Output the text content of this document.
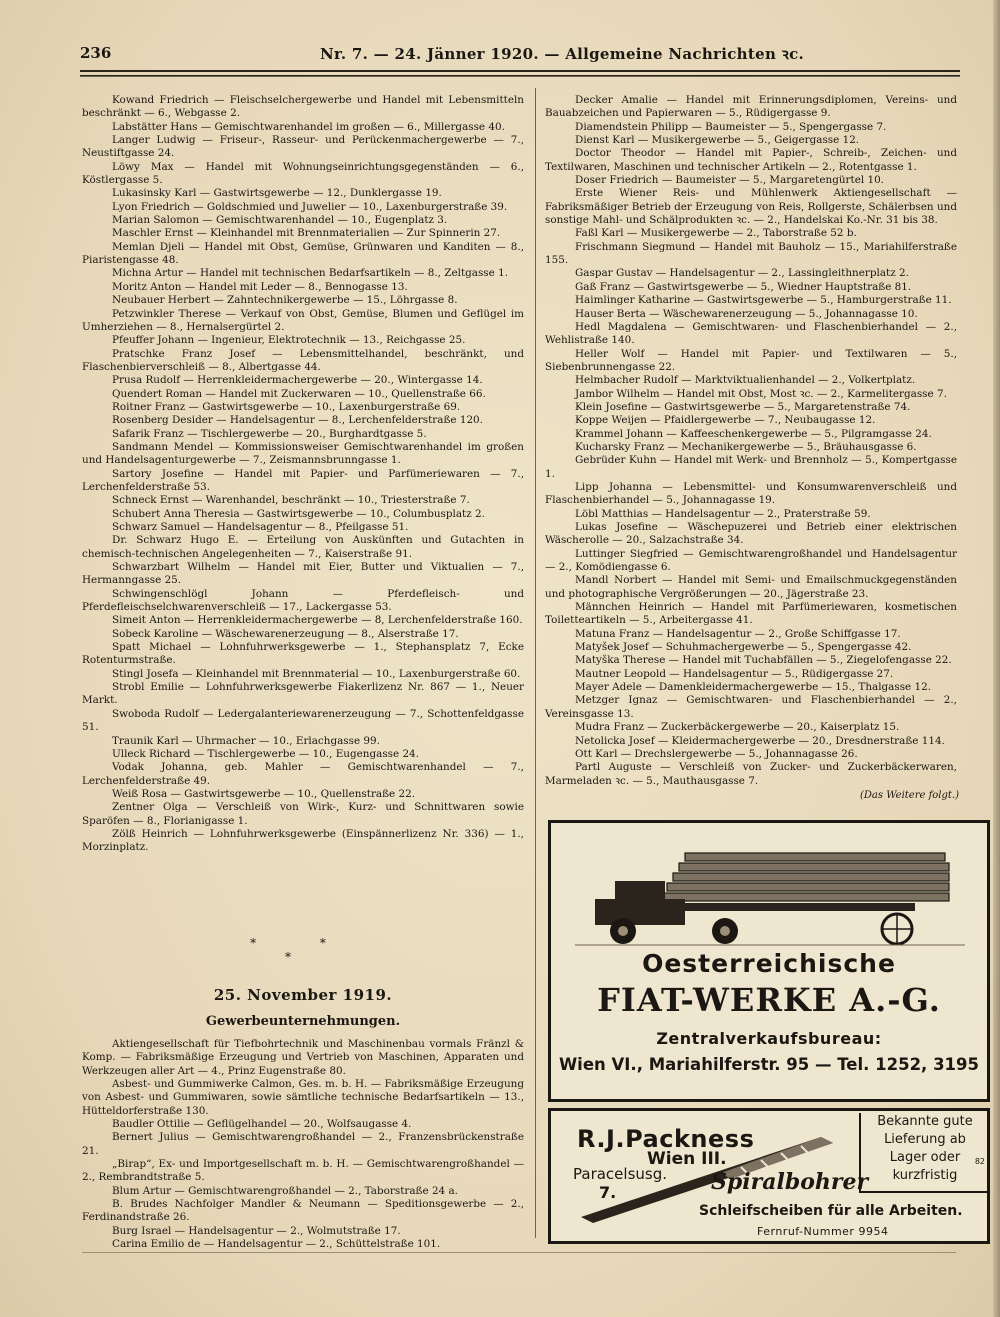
236	Nr. 7. — 24. Jänner 1920. — Allgemeine Nachrichten ꝛc.

Kowand Friedrich — Fleischselchergewerbe und Handel mit Lebensmitteln beschränkt — 6., Webgasse 2.

Labstätter Hans — Gemischtwarenhandel im großen — 6., Millergasse 40.

Langer Ludwig — Friseur-, Rasseur- und Perückenmachergewerbe — 7., Neustiftgasse 24.

Löwy Max — Handel mit Wohnungseinrichtungsgegenständen — 6., Köstlergasse 5.

Lukasinsky Karl — Gastwirtsgewerbe — 12., Dunklergasse 19.

Lyon Friedrich — Goldschmied und Juwelier — 10., Laxenburgerstraße 39.

Marian Salomon — Gemischtwarenhandel — 10., Eugenplatz 3.

Maschler Ernst — Kleinhandel mit Brennmaterialien — Zur Spinnerin 27.

Memlan Djeli — Handel mit Obst, Gemüse, Grünwaren und Kanditen — 8., Piaristengasse 48.

Michna Artur — Handel mit technischen Bedarfsartikeln — 8., Zeltgasse 1.

Moritz Anton — Handel mit Leder — 8., Bennogasse 13.

Neubauer Herbert — Zahntechnikergewerbe — 15., Löhrgasse 8.

Petzwinkler Therese — Verkauf von Obst, Gemüse, Blumen und Geflügel im Umherziehen — 8., Hernalsergürtel 2.

Pfeuffer Johann — Ingenieur, Elektrotechnik — 13., Reichgasse 25.

Pratschke Franz Josef — Lebensmittelhandel, beschränkt, und Flaschenbierverschleiß — 8., Albertgasse 44.

Prusa Rudolf — Herrenkleidermachergewerbe — 20., Wintergasse 14.

Quendert Roman — Handel mit Zuckerwaren — 10., Quellenstraße 66.

Roitner Franz — Gastwirtsgewerbe — 10., Laxenburgerstraße 69.

Rosenberg Desider — Handelsagentur — 8., Lerchenfelderstraße 120.

Safarik Franz — Tischlergewerbe — 20., Burghardtgasse 5.

Sandmann Mendel — Kommissionsweiser Gemischtwarenhandel im großen und Handelsagenturgewerbe — 7., Zeismannsbrunngasse 1.

Sartory Josefine — Handel mit Papier- und Parfümeriewaren — 7., Lerchenfelderstraße 53.

Schneck Ernst — Warenhandel, beschränkt — 10., Triesterstraße 7.

Schubert Anna Theresia — Gastwirtsgewerbe — 10., Columbusplatz 2.

Schwarz Samuel — Handelsagentur — 8., Pfeilgasse 51.

Dr. Schwarz Hugo E. — Erteilung von Auskünften und Gutachten in chemisch-technischen Angelegenheiten — 7., Kaiserstraße 91.

Schwarzbart Wilhelm — Handel mit Eier, Butter und Viktualien — 7., Hermanngasse 25.

Schwingenschlögl Johann — Pferdefleisch- und Pferdefleischselchwarenverschleiß — 17., Lackergasse 53.

Simeit Anton — Herrenkleidermachergewerbe — 8, Lerchenfelderstraße 160.

Sobeck Karoline — Wäschewarenerzeugung — 8., Alserstraße 17.

Spatt Michael — Lohnfuhrwerksgewerbe — 1., Stephansplatz 7, Ecke Rotenturmstraße.

Stingl Josefa — Kleinhandel mit Brennmaterial — 10., Laxenburgerstraße 60.

Strobl Emilie — Lohnfuhrwerksgewerbe Fiakerlizenz Nr. 867 — 1., Neuer Markt.

Swoboda Rudolf — Ledergalanteriewarenerzeugung — 7., Schottenfeldgasse 51.

Traunik Karl — Uhrmacher — 10., Erlachgasse 99.

Ulleck Richard — Tischlergewerbe — 10., Eugengasse 24.

Vodak Johanna, geb. Mahler — Gemischtwarenhandel — 7., Lerchenfelderstraße 49.

Weiß Rosa — Gastwirtsgewerbe — 10., Quellenstraße 22.

Zentner Olga — Verschleiß von Wirk-, Kurz- und Schnittwaren sowie Sparöfen — 8., Florianigasse 1.

Zölß Heinrich — Lohnfuhrwerksgewerbe (Einspännerlizenz Nr. 336) — 1., Morzinplatz.

* * *
25. November 1919.
Gewerbeunternehmungen.

Aktiengesellschaft für Tiefbohrtechnik und Maschinenbau vormals Fränzl & Komp. — Fabriksmäßige Erzeugung und Vertrieb von Maschinen, Apparaten und Werkzeugen aller Art — 4., Prinz Eugenstraße 80.

Asbest- und Gummiwerke Calmon, Ges. m. b. H. — Fabriksmäßige Erzeugung von Asbest- und Gummiwaren, sowie sämtliche technische Bedarfsartikeln — 13., Hütteldorferstraße 130.

Baudler Ottilie — Geflügelhandel — 20., Wolfsaugasse 4.

Bernert Julius — Gemischtwarengroßhandel — 2., Franzensbrückenstraße 21.

„Birap“, Ex- und Importgesellschaft m. b. H. — Gemischtwarengroßhandel — 2., Rembrandtstraße 5.

Blum Artur — Gemischtwarengroßhandel — 2., Taborstraße 24 a.

B. Brudes Nachfolger Mandler & Neumann — Speditionsgewerbe — 2., Ferdinandstraße 26.

Burg Israel — Handelsagentur — 2., Wolmutstraße 17.

Carina Emilio de — Handelsagentur — 2., Schüttelstraße 101.

Decker Amalie — Handel mit Erinnerungsdiplomen, Vereins- und Bauabzeichen und Papierwaren — 5., Rüdigergasse 9.

Diamendstein Philipp — Baumeister — 5., Spengergasse 7.

Dienst Karl — Musikergewerbe — 5., Geigergasse 12.

Doctor Theodor — Handel mit Papier-, Schreib-, Zeichen- und Textilwaren, Maschinen und technischer Artikeln — 2., Rotentgasse 1.

Doser Friedrich — Baumeister — 5., Margaretengürtel 10.

Erste Wiener Reis- und Mühlenwerk Aktiengesellschaft — Fabriksmäßiger Betrieb der Erzeugung von Reis, Rollgerste, Schälerbsen und sonstige Mahl- und Schälprodukten ꝛc. — 2., Handelskai Ko.-Nr. 31 bis 38.

Faßl Karl — Musikergewerbe — 2., Taborstraße 52 b.

Frischmann Siegmund — Handel mit Bauholz — 15., Mariahilferstraße 155.

Gaspar Gustav — Handelsagentur — 2., Lassingleithnerplatz 2.

Gaß Franz — Gastwirtsgewerbe — 5., Wiedner Hauptstraße 81.

Haimlinger Katharine — Gastwirtsgewerbe — 5., Hamburgerstraße 11.

Hauser Berta — Wäschewarenerzeugung — 5., Johannagasse 10.

Hedl Magdalena — Gemischtwaren- und Flaschenbierhandel — 2., Wehlistraße 140.

Heller Wolf — Handel mit Papier- und Textilwaren — 5., Siebenbrunnengasse 22.

Helmbacher Rudolf — Marktviktualienhandel — 2., Volkertplatz.

Jambor Wilhelm — Handel mit Obst, Most ꝛc. — 2., Karmelitergasse 7.

Klein Josefine — Gastwirtsgewerbe — 5., Margaretenstraße 74.

Koppe Weijen — Pfaidlergewerbe — 7., Neubaugasse 12.

Krammel Johann — Kaffeeschenkergewerbe — 5., Pilgramgasse 24.

Kucharsky Franz — Mechanikergewerbe — 5., Bräuhausgasse 6.

Gebrüder Kuhn — Handel mit Werk- und Brennholz — 5., Kompertgasse 1.

Lipp Johanna — Lebensmittel- und Konsumwarenverschleiß und Flaschenbierhandel — 5., Johannagasse 19.

Löbl Matthias — Handelsagentur — 2., Praterstraße 59.

Lukas Josefine — Wäschepuzerei und Betrieb einer elektrischen Wäscherolle — 20., Salzachstraße 34.

Luttinger Siegfried — Gemischtwarengroßhandel und Handelsagentur — 2., Komödiengasse 6.

Mandl Norbert — Handel mit Semi- und Emailschmuckgegenständen und photographische Vergrößerungen — 20., Jägerstraße 23.

Männchen Heinrich — Handel mit Parfümeriewaren, kosmetischen Toiletteartikeln — 5., Arbeitergasse 41.

Matuna Franz — Handelsagentur — 2., Große Schiffgasse 17.

Matyšek Josef — Schuhmachergewerbe — 5., Spengergasse 42.

Matyška Therese — Handel mit Tuchabfällen — 5., Ziegelofengasse 22.

Mautner Leopold — Handelsagentur — 5., Rüdigergasse 27.

Mayer Adele — Damenkleidermachergewerbe — 15., Thalgasse 12.

Metzger Ignaz — Gemischtwaren- und Flaschenbierhandel — 2., Vereinsgasse 13.

Mudra Franz — Zuckerbäckergewerbe — 20., Kaiserplatz 15.

Netolicka Josef — Kleidermachergewerbe — 20., Dresdnerstraße 114.

Ott Karl — Drechslergewerbe — 5., Johannagasse 26.

Partl Auguste — Verschleiß von Zucker- und Zuckerbäckerwaren, Marmeladen ꝛc. — 5., Mauthausgasse 7.

(Das Weitere folgt.)
Oesterreichische
FIAT-WERKE A.-G.
Zentralverkaufsbureau:
Wien VI., Mariahilferstr. 95 — Tel. 1252, 3195
R.J.Packness
Wien III.
Paracelsusg.
7.	Spiralbohrer
Bekannte gute
Lieferung ab
Lager oder
kurzfristig
82
Schleifscheiben für alle Arbeiten.
Fernruf-Nummer 9954
